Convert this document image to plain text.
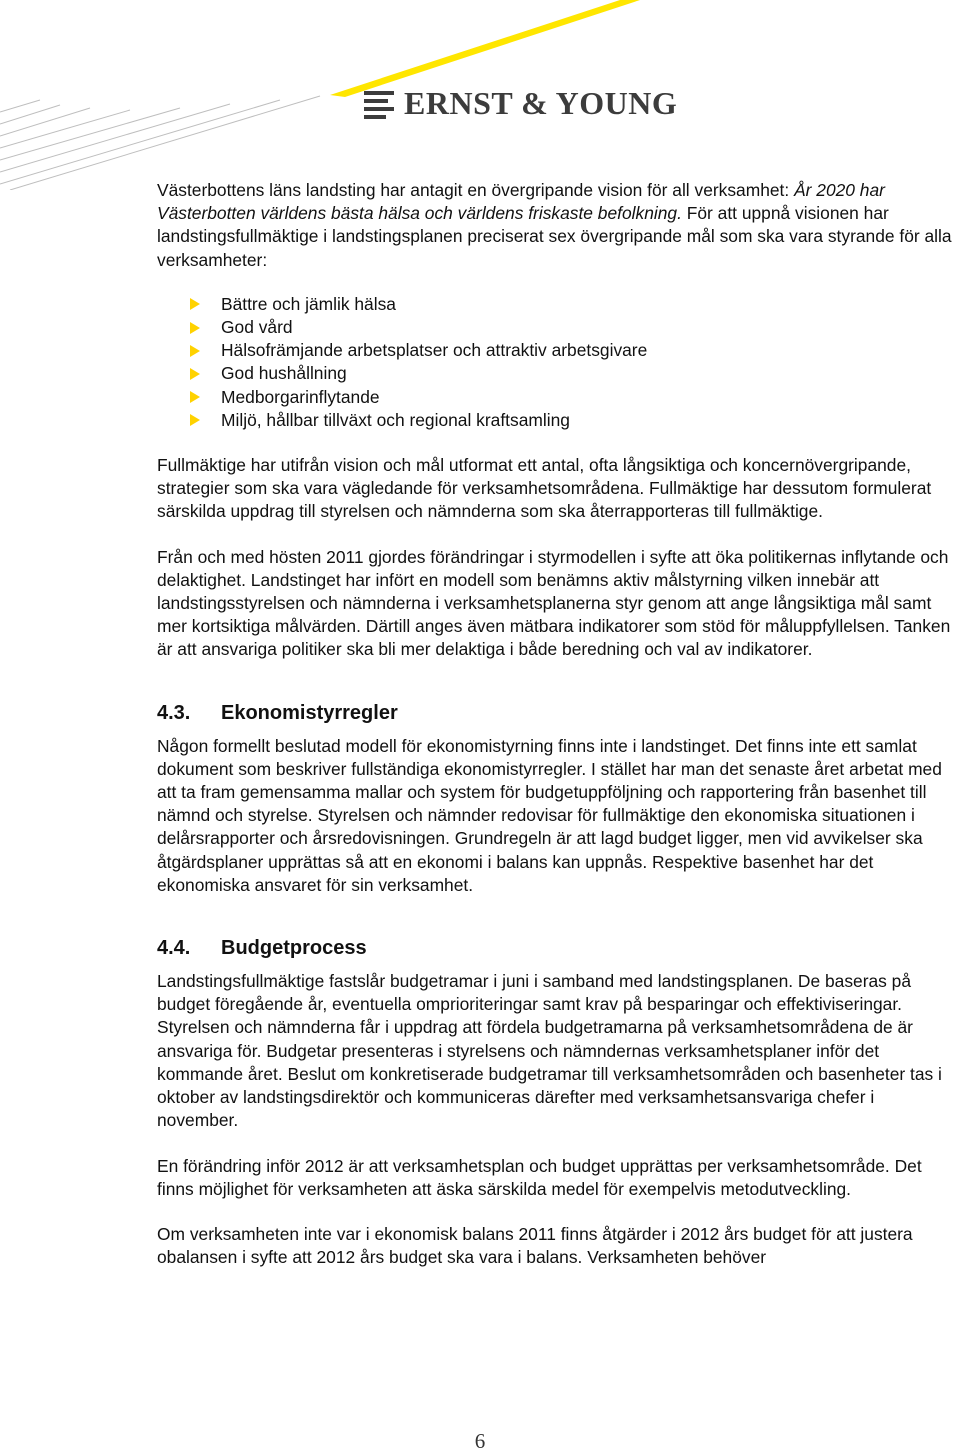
ERNST & YOUNG

Västerbottens läns landsting har antagit en övergripande vision för all verksamhet: År 2020 har Västerbotten världens bästa hälsa och världens friskaste befolkning. För att uppnå visionen har landstingsfullmäktige i landstingsplanen preciserat sex övergripande mål som ska vara styrande för alla verksamheter:

Bättre och jämlik hälsa
God vård
Hälsofrämjande arbetsplatser och attraktiv arbetsgivare
God hushållning
Medborgarinflytande
Miljö, hållbar tillväxt och regional kraftsamling

Fullmäktige har utifrån vision och mål utformat ett antal, ofta långsiktiga och koncernövergripande, strategier som ska vara vägledande för verksamhetsområdena. Fullmäktige har dessutom formulerat särskilda uppdrag till styrelsen och nämnderna som ska återrapporteras till fullmäktige.

Från och med hösten 2011 gjordes förändringar i styrmodellen i syfte att öka politikernas inflytande och delaktighet. Landstinget har infört en modell som benämns aktiv målstyrning vilken innebär att landstingsstyrelsen och nämnderna i verksamhetsplanerna styr genom att ange långsiktiga mål samt mer kortsiktiga målvärden. Därtill anges även mätbara indikatorer som stöd för måluppfyllelsen. Tanken är att ansvariga politiker ska bli mer delaktiga i både beredning och val av indikatorer.

4.3.	Ekonomistyrregler

Någon formellt beslutad modell för ekonomistyrning finns inte i landstinget. Det finns inte ett samlat dokument som beskriver fullständiga ekonomistyrregler. I stället har man det senaste året arbetat med att ta fram gemensamma mallar och system för budgetuppföljning och rapportering från basenhet till nämnd och styrelse. Styrelsen och nämnder redovisar för fullmäktige den ekonomiska situationen i delårsrapporter och årsredovisningen. Grundregeln är att lagd budget ligger, men vid avvikelser ska åtgärdsplaner upprättas så att en ekonomi i balans kan uppnås. Respektive basenhet har det ekonomiska ansvaret för sin verksamhet.

4.4.	Budgetprocess

Landstingsfullmäktige fastslår budgetramar i juni i samband med landstingsplanen. De baseras på budget föregående år, eventuella omprioriteringar samt krav på besparingar och effektiviseringar. Styrelsen och nämnderna får i uppdrag att fördela budgetramarna på verksamhetsområdena de är ansvariga för. Budgetar presenteras i styrelsens och nämndernas verksamhetsplaner inför det kommande året. Beslut om konkretiserade budgetramar till verksamhetsområden och basenheter tas i oktober av landstingsdirektör och kommuniceras därefter med verksamhetsansvariga chefer i november.

En förändring inför 2012 är att verksamhetsplan och budget upprättas per verksamhetsområde. Det finns möjlighet för verksamheten att äska särskilda medel för exempelvis metodutveckling.

Om verksamheten inte var i ekonomisk balans 2011 finns åtgärder i 2012 års budget för att justera obalansen i syfte att 2012 års budget ska vara i balans. Verksamheten behöver

6
